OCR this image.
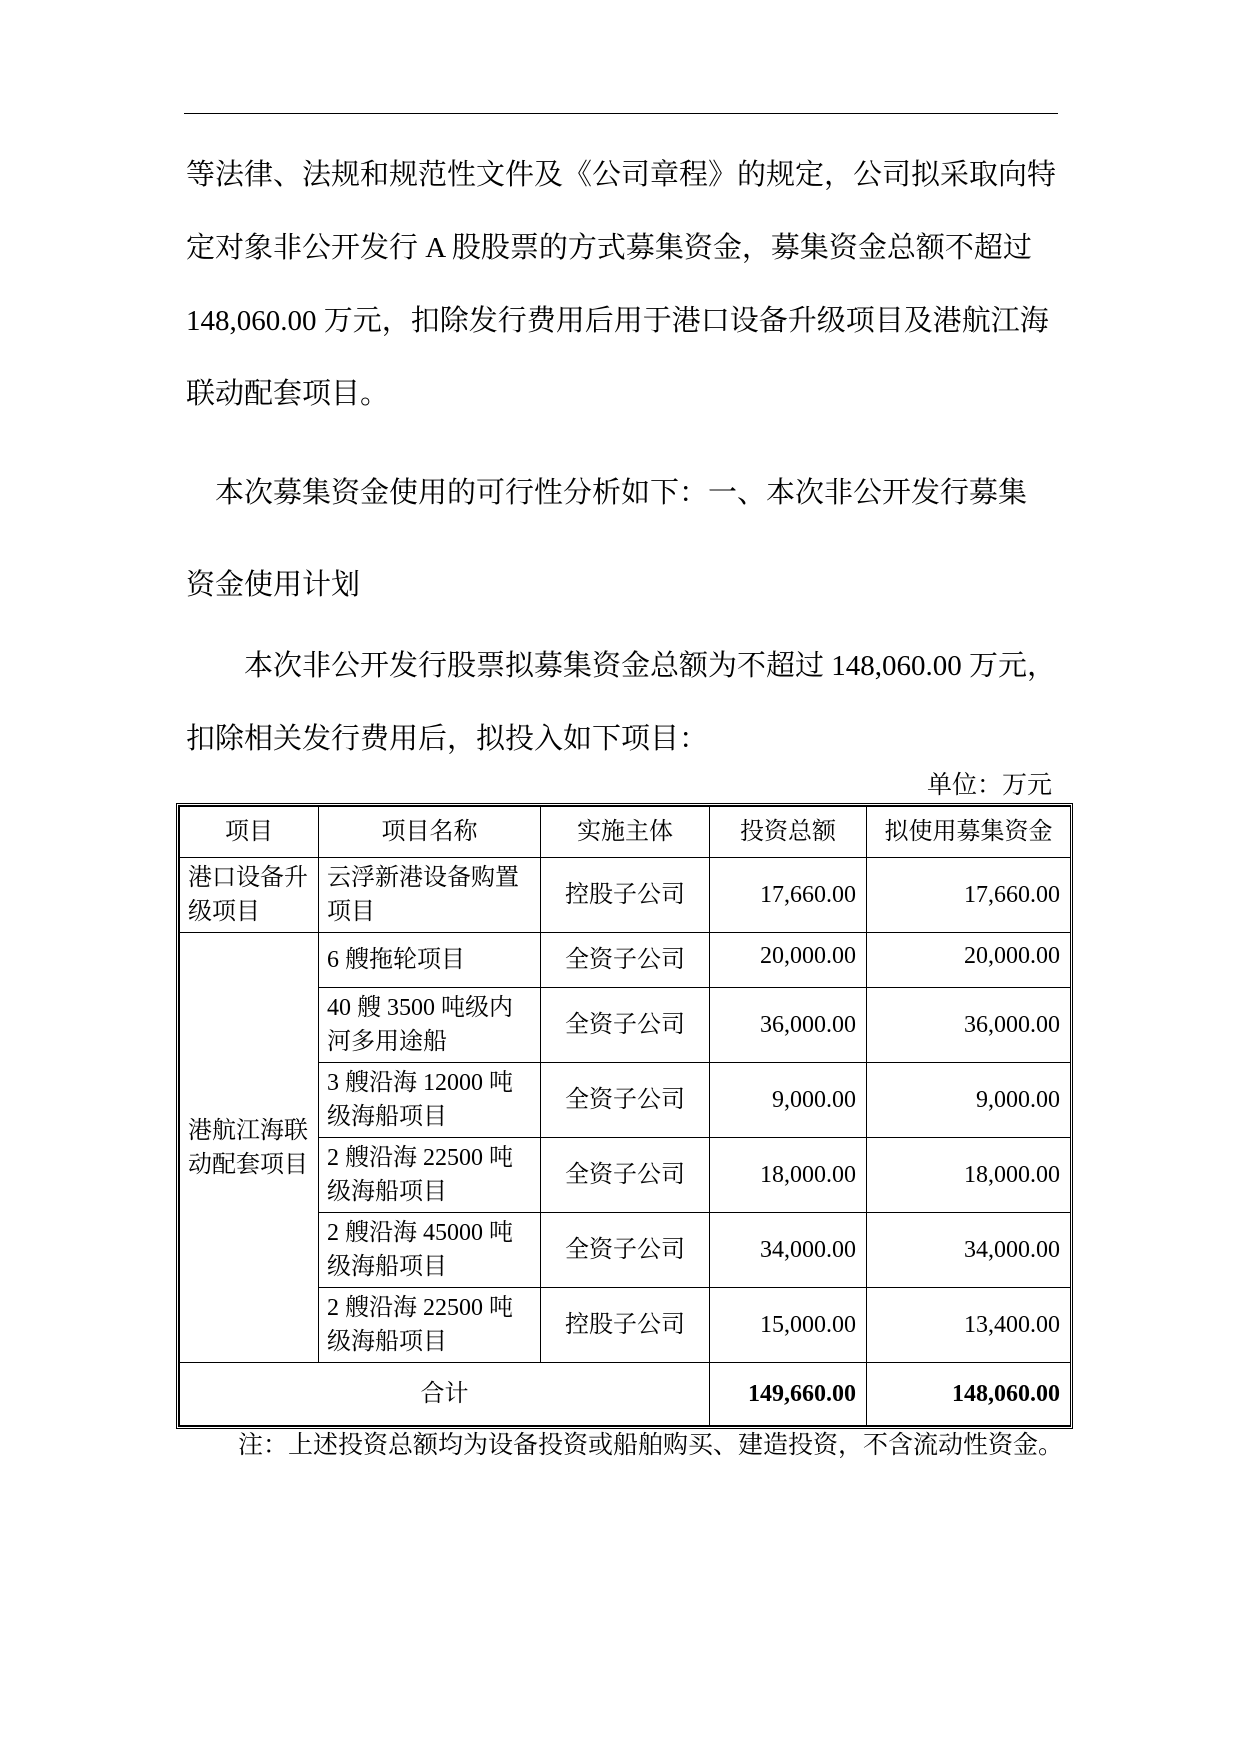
等法律、法规和规范性文件及《公司章程》的规定，公司拟采取向特
定对象非公开发行 A 股股票的方式募集资金，募集资金总额不超过
148,060.00 万元，扣除发行费用后用于港口设备升级项目及港航江海
联动配套项目。
　本次募集资金使用的可行性分析如下：一、本次非公开发行募集
资金使用计划
　　本次非公开发行股票拟募集资金总额为不超过 148,060.00 万元，
扣除相关发行费用后，拟投入如下项目：
单位：万元
项目	项目名称	实施主体	投资总额	拟使用募集资金
港口设备升级项目	云浮新港设备购置项目	控股子公司	17,660.00	17,660.00
港航江海联动配套项目	6 艘拖轮项目	全资子公司	20,000.00	20,000.00
	40 艘 3500 吨级内河多用途船	全资子公司	36,000.00	36,000.00
	3 艘沿海 12000 吨级海船项目	全资子公司	9,000.00	9,000.00
	2 艘沿海 22500 吨级海船项目	全资子公司	18,000.00	18,000.00
	2 艘沿海 45000 吨级海船项目	全资子公司	34,000.00	34,000.00
	2 艘沿海 22500 吨级海船项目	控股子公司	15,000.00	13,400.00
合计			149,660.00	148,060.00
注：上述投资总额均为设备投资或船舶购买、建造投资，不含流动性资金。
